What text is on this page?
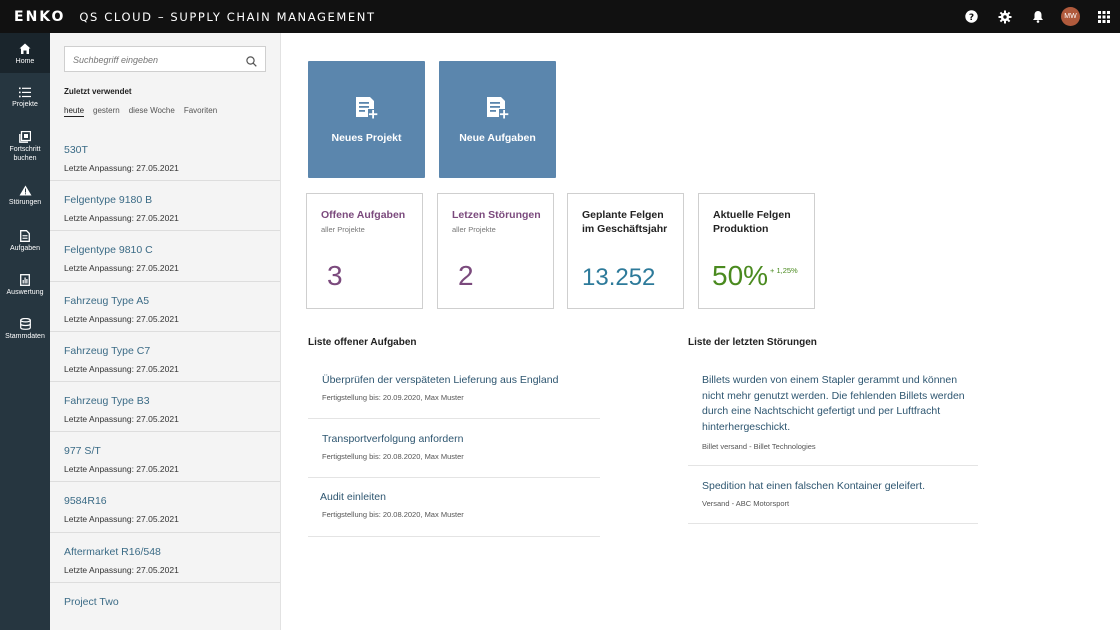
ENKO QS CLOUD – SUPPLY CHAIN MANAGEMENT	?	MW
Home
Projekte
Fortschritt buchen
Störungen
Aufgaben
Auswertung
Stammdaten
Suchbegriff eingeben
Zuletzt verwendet
heute gestern diese Woche Favoriten
530T
Letzte Anpassung: 27.05.2021
Felgentype 9180 B
Letzte Anpassung: 27.05.2021
Felgentype 9810 C
Letzte Anpassung: 27.05.2021
Fahrzeug Type A5
Letzte Anpassung: 27.05.2021
Fahrzeug Type C7
Letzte Anpassung: 27.05.2021
Fahrzeug Type B3
Letzte Anpassung: 27.05.2021
977 S/T
Letzte Anpassung: 27.05.2021
9584R16
Letzte Anpassung: 27.05.2021
Aftermarket R16/548
Letzte Anpassung: 27.05.2021
Project Two
Neues Projekt	Neue Aufgaben
Offene Aufgaben
aller Projekte
3
Letzen Störungen
aller Projekte
2
Geplante Felgen im Geschäftsjahr
13.252
Aktuelle Felgen Produktion
50% + 1,25%
Liste offener Aufgaben
Überprüfen der verspäteten Lieferung aus England
Fertigstellung bis: 20.09.2020, Max Muster
Transportverfolgung anfordern
Fertigstellung bis: 20.08.2020, Max Muster
Audit einleiten
Fertigstellung bis: 20.08.2020, Max Muster
Liste der letzten Störungen
Billets wurden von einem Stapler gerammt und können nicht mehr genutzt werden. Die fehlenden Billets werden durch eine Nachtschicht gefertigt und per Luftfracht hinterhergeschickt.
Billet versand - Billet Technologies
Spedition hat einen falschen Kontainer geleifert.
Versand - ABC Motorsport
